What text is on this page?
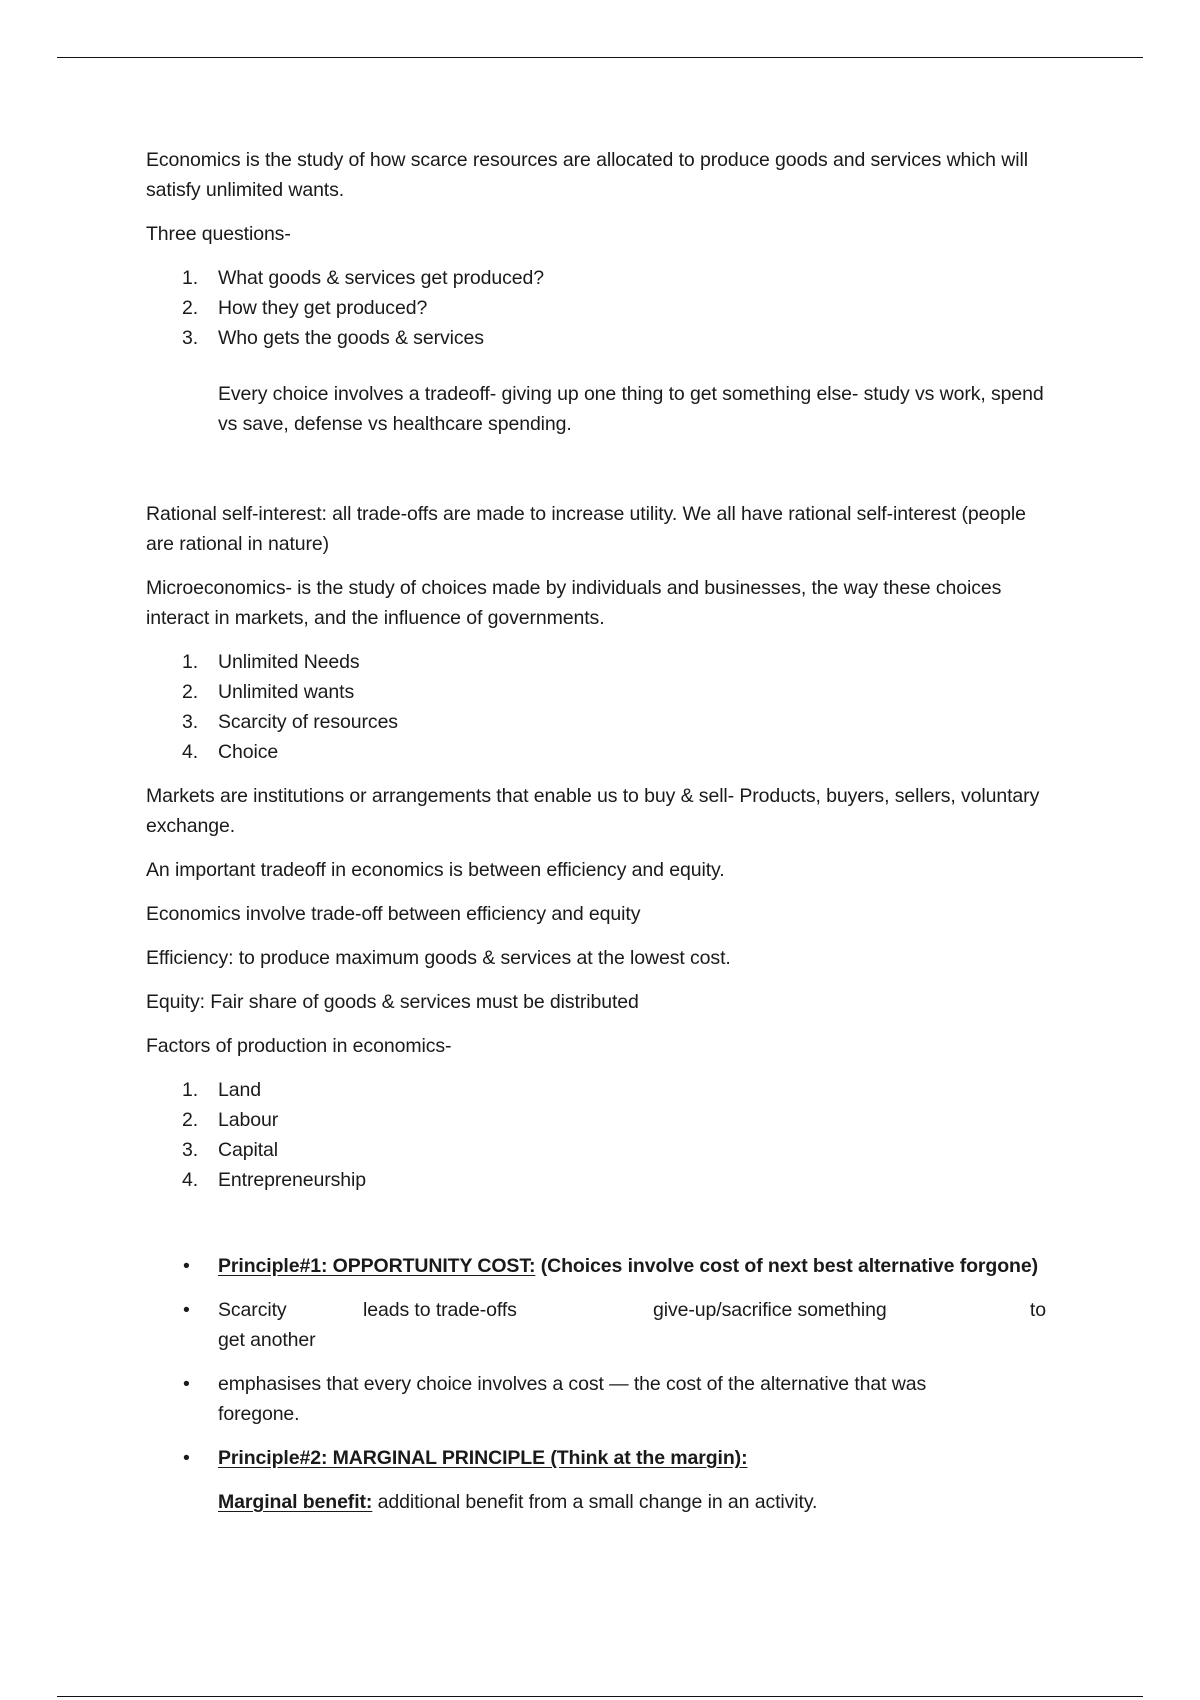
Economics is the study of how scarce resources are allocated to produce goods and services which will satisfy unlimited wants.

Three questions-

1. What goods & services get produced?
2. How they get produced?
3. Who gets the goods & services

Every choice involves a tradeoff- giving up one thing to get something else- study vs work, spend vs save, defense vs healthcare spending.

Rational self-interest: all trade-offs are made to increase utility. We all have rational self-interest (people are rational in nature)

Microeconomics- is the study of choices made by individuals and businesses, the way these choices interact in markets, and the influence of governments.

1. Unlimited Needs
2. Unlimited wants
3. Scarcity of resources
4. Choice

Markets are institutions or arrangements that enable us to buy & sell- Products, buyers, sellers, voluntary exchange.

An important tradeoff in economics is between efficiency and equity.

Economics involve trade-off between efficiency and equity

Efficiency: to produce maximum goods & services at the lowest cost.

Equity: Fair share of goods & services must be distributed

Factors of production in economics-

1. Land
2. Labour
3. Capital
4. Entrepreneurship
• Principle#1: OPPORTUNITY COST: (Choices involve cost of next best alternative forgone)
• Scarcity	leads to trade-offs	give-up/sacrifice something	to
get another
• emphasises that every choice involves a cost — the cost of the alternative that was foregone.
• Principle#2: MARGINAL PRINCIPLE (Think at the margin):

Marginal benefit: additional benefit from a small change in an activity.
